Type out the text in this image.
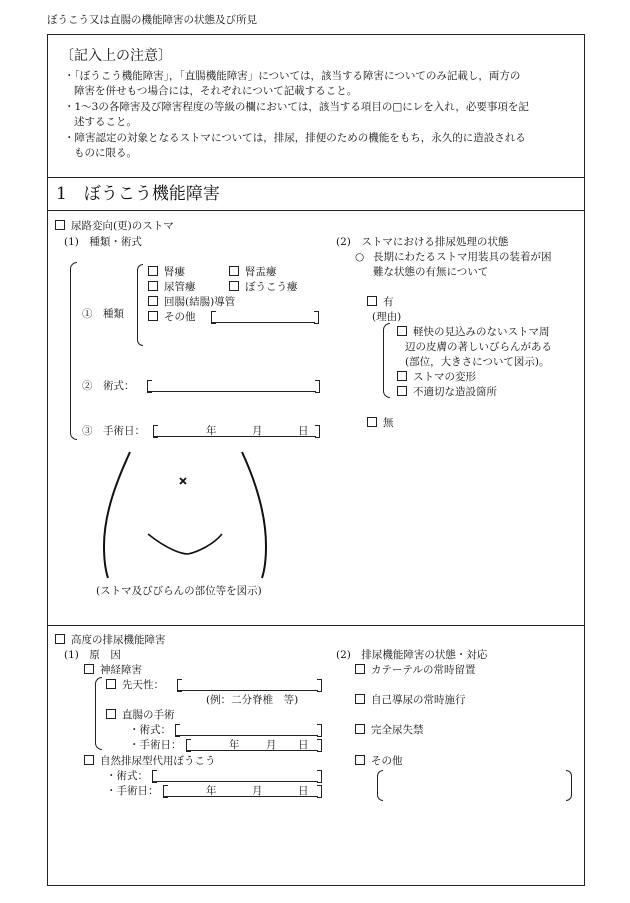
ぼうこう又は直腸の機能障害の状態及び所見
〔記入上の注意〕
・「ぼうこう機能障害」，「直腸機能障害」については，該当する障害についてのみ記載し，両方の
障害を併せもつ場合には，それぞれについて記載すること。
・1～3の各障害及び障害程度の等級の欄においては，該当する項目の□にレを入れ，必要事項を記
述すること。
・障害認定の対象となるストマについては，排尿，排便のための機能をもち，永久的に造設される
ものに限る。
1　ぼうこう機能障害
尿路変向(更)のストマ
(1)　種類・術式
①　種類
腎瘻	腎盂瘻
尿管瘻	ぼうこう瘻
回腸(結腸)導管
その他
②　術式：
③　手術日：	年	月	日
(ストマ及びびらんの部位等を図示)
(2)　ストマにおける排尿処理の状態
○ 長期にわたるストマ用装具の装着が困
難な状態の有無について
有
(理由)
軽快の見込みのないストマ周
辺の皮膚の著しいびらんがある
(部位，大きさについて図示)。
ストマの変形
不適切な造設箇所
無
高度の排尿機能障害
(1)　原　因
神経障害
先天性：
(例：二分脊椎　等)
直腸の手術
・術式：
・手術日：	年	月 日
自然排尿型代用ぼうこう
・術式：
・手術日：	年	月	日
(2)　排尿機能障害の状態・対応
カテーテルの常時留置
自己導尿の常時施行
完全尿失禁
その他
